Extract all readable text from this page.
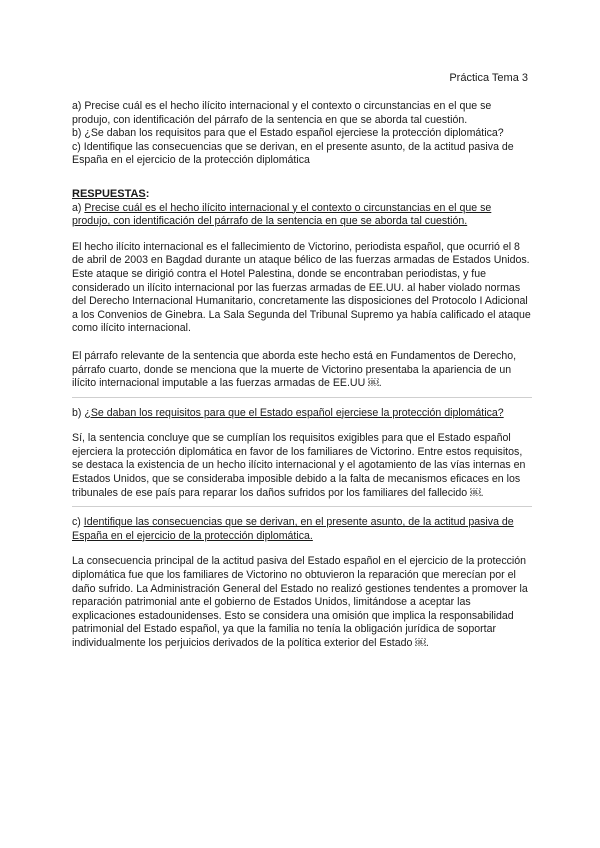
Práctica Tema 3

a) Precise cuál es el hecho ilícito internacional y el contexto o circunstancias en el que se produjo, con identificación del párrafo de la sentencia en que se aborda tal cuestión.

b) ¿Se daban los requisitos para que el Estado español ejerciese la protección diplomática?

c) Identifique las consecuencias que se derivan, en el presente asunto, de la actitud pasiva de España en el ejercicio de la protección diplomática

RESPUESTAS:

a) Precise cuál es el hecho ilícito internacional y el contexto o circunstancias en el que se produjo, con identificación del párrafo de la sentencia en que se aborda tal cuestión.

El hecho ilícito internacional es el fallecimiento de Victorino, periodista español, que ocurrió el 8 de abril de 2003 en Bagdad durante un ataque bélico de las fuerzas armadas de Estados Unidos. Este ataque se dirigió contra el Hotel Palestina, donde se encontraban periodistas, y fue considerado un ilícito internacional por las fuerzas armadas de EE.UU. al haber violado normas del Derecho Internacional Humanitario, concretamente las disposiciones del Protocolo I Adicional a los Convenios de Ginebra. La Sala Segunda del Tribunal Supremo ya había calificado el ataque como ilícito internacional.

El párrafo relevante de la sentencia que aborda este hecho está en Fundamentos de Derecho, párrafo cuarto, donde se menciona que la muerte de Victorino presentaba la apariencia de un ilícito internacional imputable a las fuerzas armadas de EE.UU ￼.

b) ¿Se daban los requisitos para que el Estado español ejerciese la protección diplomática?

Sí, la sentencia concluye que se cumplían los requisitos exigibles para que el Estado español ejerciera la protección diplomática en favor de los familiares de Victorino. Entre estos requisitos, se destaca la existencia de un hecho ilícito internacional y el agotamiento de las vías internas en Estados Unidos, que se consideraba imposible debido a la falta de mecanismos eficaces en los tribunales de ese país para reparar los daños sufridos por los familiares del fallecido ￼.

c) Identifique las consecuencias que se derivan, en el presente asunto, de la actitud pasiva de España en el ejercicio de la protección diplomática.

La consecuencia principal de la actitud pasiva del Estado español en el ejercicio de la protección diplomática fue que los familiares de Victorino no obtuvieron la reparación que merecían por el daño sufrido. La Administración General del Estado no realizó gestiones tendentes a promover la reparación patrimonial ante el gobierno de Estados Unidos, limitándose a aceptar las explicaciones estadounidenses. Esto se considera una omisión que implica la responsabilidad patrimonial del Estado español, ya que la familia no tenía la obligación jurídica de soportar individualmente los perjuicios derivados de la política exterior del Estado ￼.
